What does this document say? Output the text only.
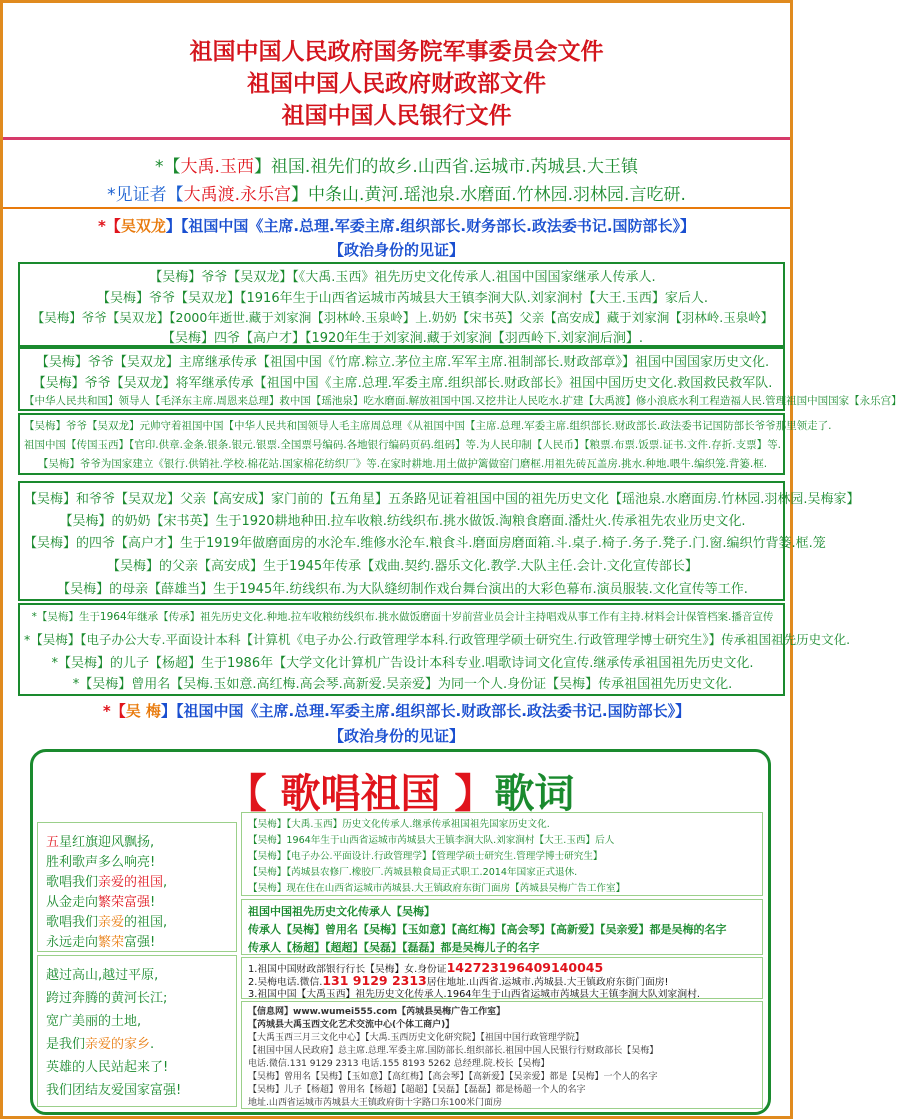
祖国中国人民政府国务院军事委员会文件
祖国中国人民政府财政部文件
祖国中国人民银行文件
*【大禹.玉西】祖国.祖先们的故乡.山西省.运城市.芮城县.大王镇
*见证者【大禹渡.永乐宫】中条山.黄河.瑶池泉.水磨面.竹林园.羽林园.言吃研.
*【吴双龙】【祖国中国《主席.总理.军委主席.组织部长.财务部长.政法委书记.国防部长》】
【政治身份的见证】
【吴梅】爷爷【吴双龙】【《大禹.玉西》祖先历史文化传承人.祖国中国国家继承人传承人.
【吴梅】爷爷【吴双龙】【1916年生于山西省运城市芮城县大王镇李涧大队.刘家涧村【大王.玉西】家后人.
【吴梅】爷爷【吴双龙】【2000年逝世.藏于刘家涧【羽林岭.玉泉岭】上.奶奶【宋书英】父亲【高安成】藏于刘家涧【羽林岭.玉泉岭】
【吴梅】四爷【高户才】【1920年生于刘家涧.藏于刘家涧【羽西岭下.刘家涧后涧】.
【吴梅】爷爷【吴双龙】主席继承传承【祖国中国《竹席.粽立.茅位主席.军军主席.祖制部长.财政部章》】祖国中国国家历史文化.
【吴梅】爷爷【吴双龙】将军继承传承【祖国中国《主席.总理.军委主席.组织部长.财政部长》祖国中国历史文化.救国救民救军队.
【中华人民共和国】领导人【毛泽东主席.周恩来总理】救中国【瑶池泉】吃水磨面.解放祖国中国.又挖井让人民吃水.扩建【大禹渡】修小浪底水利工程造福人民.管理祖国中国国家【永乐宫】
【吴梅】爷爷【吴双龙】元帅守着祖国中国【中华人民共和国领导人毛主席周总理《从祖国中国【主席.总理.军委主席.组织部长.财政部长.政法委书记国防部长爷爷那里领走了.
祖国中国【传国玉西】【官印.供章.金条.银条.银元.银票.全国票号编码.各地银行编码页码.组码】等.为人民印制【人民币】【粮票.布票.饭票.证书.文件.存折.支票】等.
【吴梅】爷爷为国家建立《银行.供销社.学校.棉花站.国家棉花纺织厂》等.在家时耕地.用土做护篱做窑门磨框.用祖先砖瓦盖房.挑水.种地.喂牛.编织笼.背篓.框.
【吴梅】和爷爷【吴双龙】父亲【高安成】家门前的【五角星】五条路见证着祖国中国的祖先历史文化【瑶池泉.水磨面房.竹林园.羽林园.吴梅家】
【吴梅】的奶奶【宋书英】生于1920耕地种田.拉车收粮.纺线织布.挑水做饭.淘粮食磨面.潘灶火.传承祖先农业历史文化.
【吴梅】的四爷【高户才】生于1919年做磨面房的水沦车.维修水沦车.粮食斗.磨面房磨面箱.斗.桌子.椅子.务子.凳子.门.窗.编织竹背篓.框.笼
【吴梅】的父亲【高安成】生于1945年传承【戏曲.契约.器乐文化.教学.大队主任.会计.文化宣传部长】
【吴梅】的母亲【薛雄当】生于1945年.纺线织布.为大队缝纫制作戏台舞台演出的大彩色幕布.演员服装.文化宣传等工作.
*【吴梅】生于1964年继承【传承】祖先历史文化.种地.拉车收粮纺线织布.挑水做饭磨面十岁前营业员会计主持唱戏从事工作有主持.材料会计保管档案.播音宣传
*【吴梅】【电子办公大专.平面设计本科【计算机《电子办公.行政管理学本科.行政管理学硕士研究生.行政管理学博士研究生》】传承祖国祖先历史文化.
*【吴梅】的儿子【杨超】生于1986年【大学文化计算机广告设计本科专业.唱歌诗词文化宣传.继承传承祖国祖先历史文化.
*【吴梅】曾用名【吴梅.玉如意.高红梅.高会琴.高新爱.吴亲爱】为同一个人.身份证【吴梅】传承祖国祖先历史文化.
*【吴 梅】【祖国中国《主席.总理.军委主席.组织部长.财政部长.政法委书记.国防部长》】
【政治身份的见证】
【 歌唱祖国 】歌词
五星红旗迎风飘扬,
胜利歌声多么响亮!
歌唱我们亲爱的祖国,
从金走向繁荣富强!
歌唱我们亲爱的祖国,
永远走向繁荣富强!
越过高山,越过平原,
跨过奔腾的黄河长江;
宽广美丽的土地,
是我们亲爱的家乡.
英雄的人民站起来了!
我们团结友爱国家富强!
【吴梅】【大禹.玉西】历史文化传承人.继承传承祖国祖先国家历史文化.
【吴梅】1964年生于山西省运城市芮城县大王镇李涧大队.刘家涧村【大王.玉西】后人
【吴梅】【电子办公.平面设计.行政管理学】【管理学硕士研究生.管理学博士研究生】
【吴梅】【芮城县农修厂.橡胶厂.芮城县粮食局正式职工.2014年国家正式退休.
【吴梅】现在住在山西省运城市芮城县.大王镇政府东街门面房【芮城县吴梅广告工作室】
祖国中国祖先历史文化传承人【吴梅】
传承人【吴梅】曾用名【吴梅】【玉如意】【高红梅】【高会琴】【高新爱】【吴亲爱】都是吴梅的名字
传承人【杨超】【超超】【吴磊】【磊磊】都是吴梅儿子的名字
1.祖国中国财政部银行行长【吴梅】女.身份证142723196409140045
2.吴梅电话.微信.131 9129 2313居住地址.山西省.运城市.芮城县.大王镇政府东街门面房!
3.祖国中国【大禹玉西】祖先历史文化传承人.1964年生于山西省运城市芮城县大王镇李涧大队刘家涧村.
【信息网】www.wumei555.com【芮城县吴梅广告工作室】
【芮城县大禹玉西文化艺术交流中心(个体工商户)】
【大禹玉西三月三文化中心】【大禹.玉西历史文化研究院】【祖国中国行政管理学院】
【祖国中国人民政府】总主席.总理.军委主席.国防部长.组织部长.祖国中国人民银行行财政部长【吴梅】
电话.微信.131 9129 2313 电话.155 8193 5262 总经理.院.校长【吴梅】
【吴梅】曾用名【吴梅】【玉如意】【高红梅】【高会琴】【高新爱】【吴亲爱】都是【吴梅】一个人的名字
【吴梅】儿子【杨超】曾用名【杨超】【超超】【吴磊】【磊磊】都是杨超一个人的名字
地址.山西省运城市芮城县大王镇政府街十字路口东100米门面房
